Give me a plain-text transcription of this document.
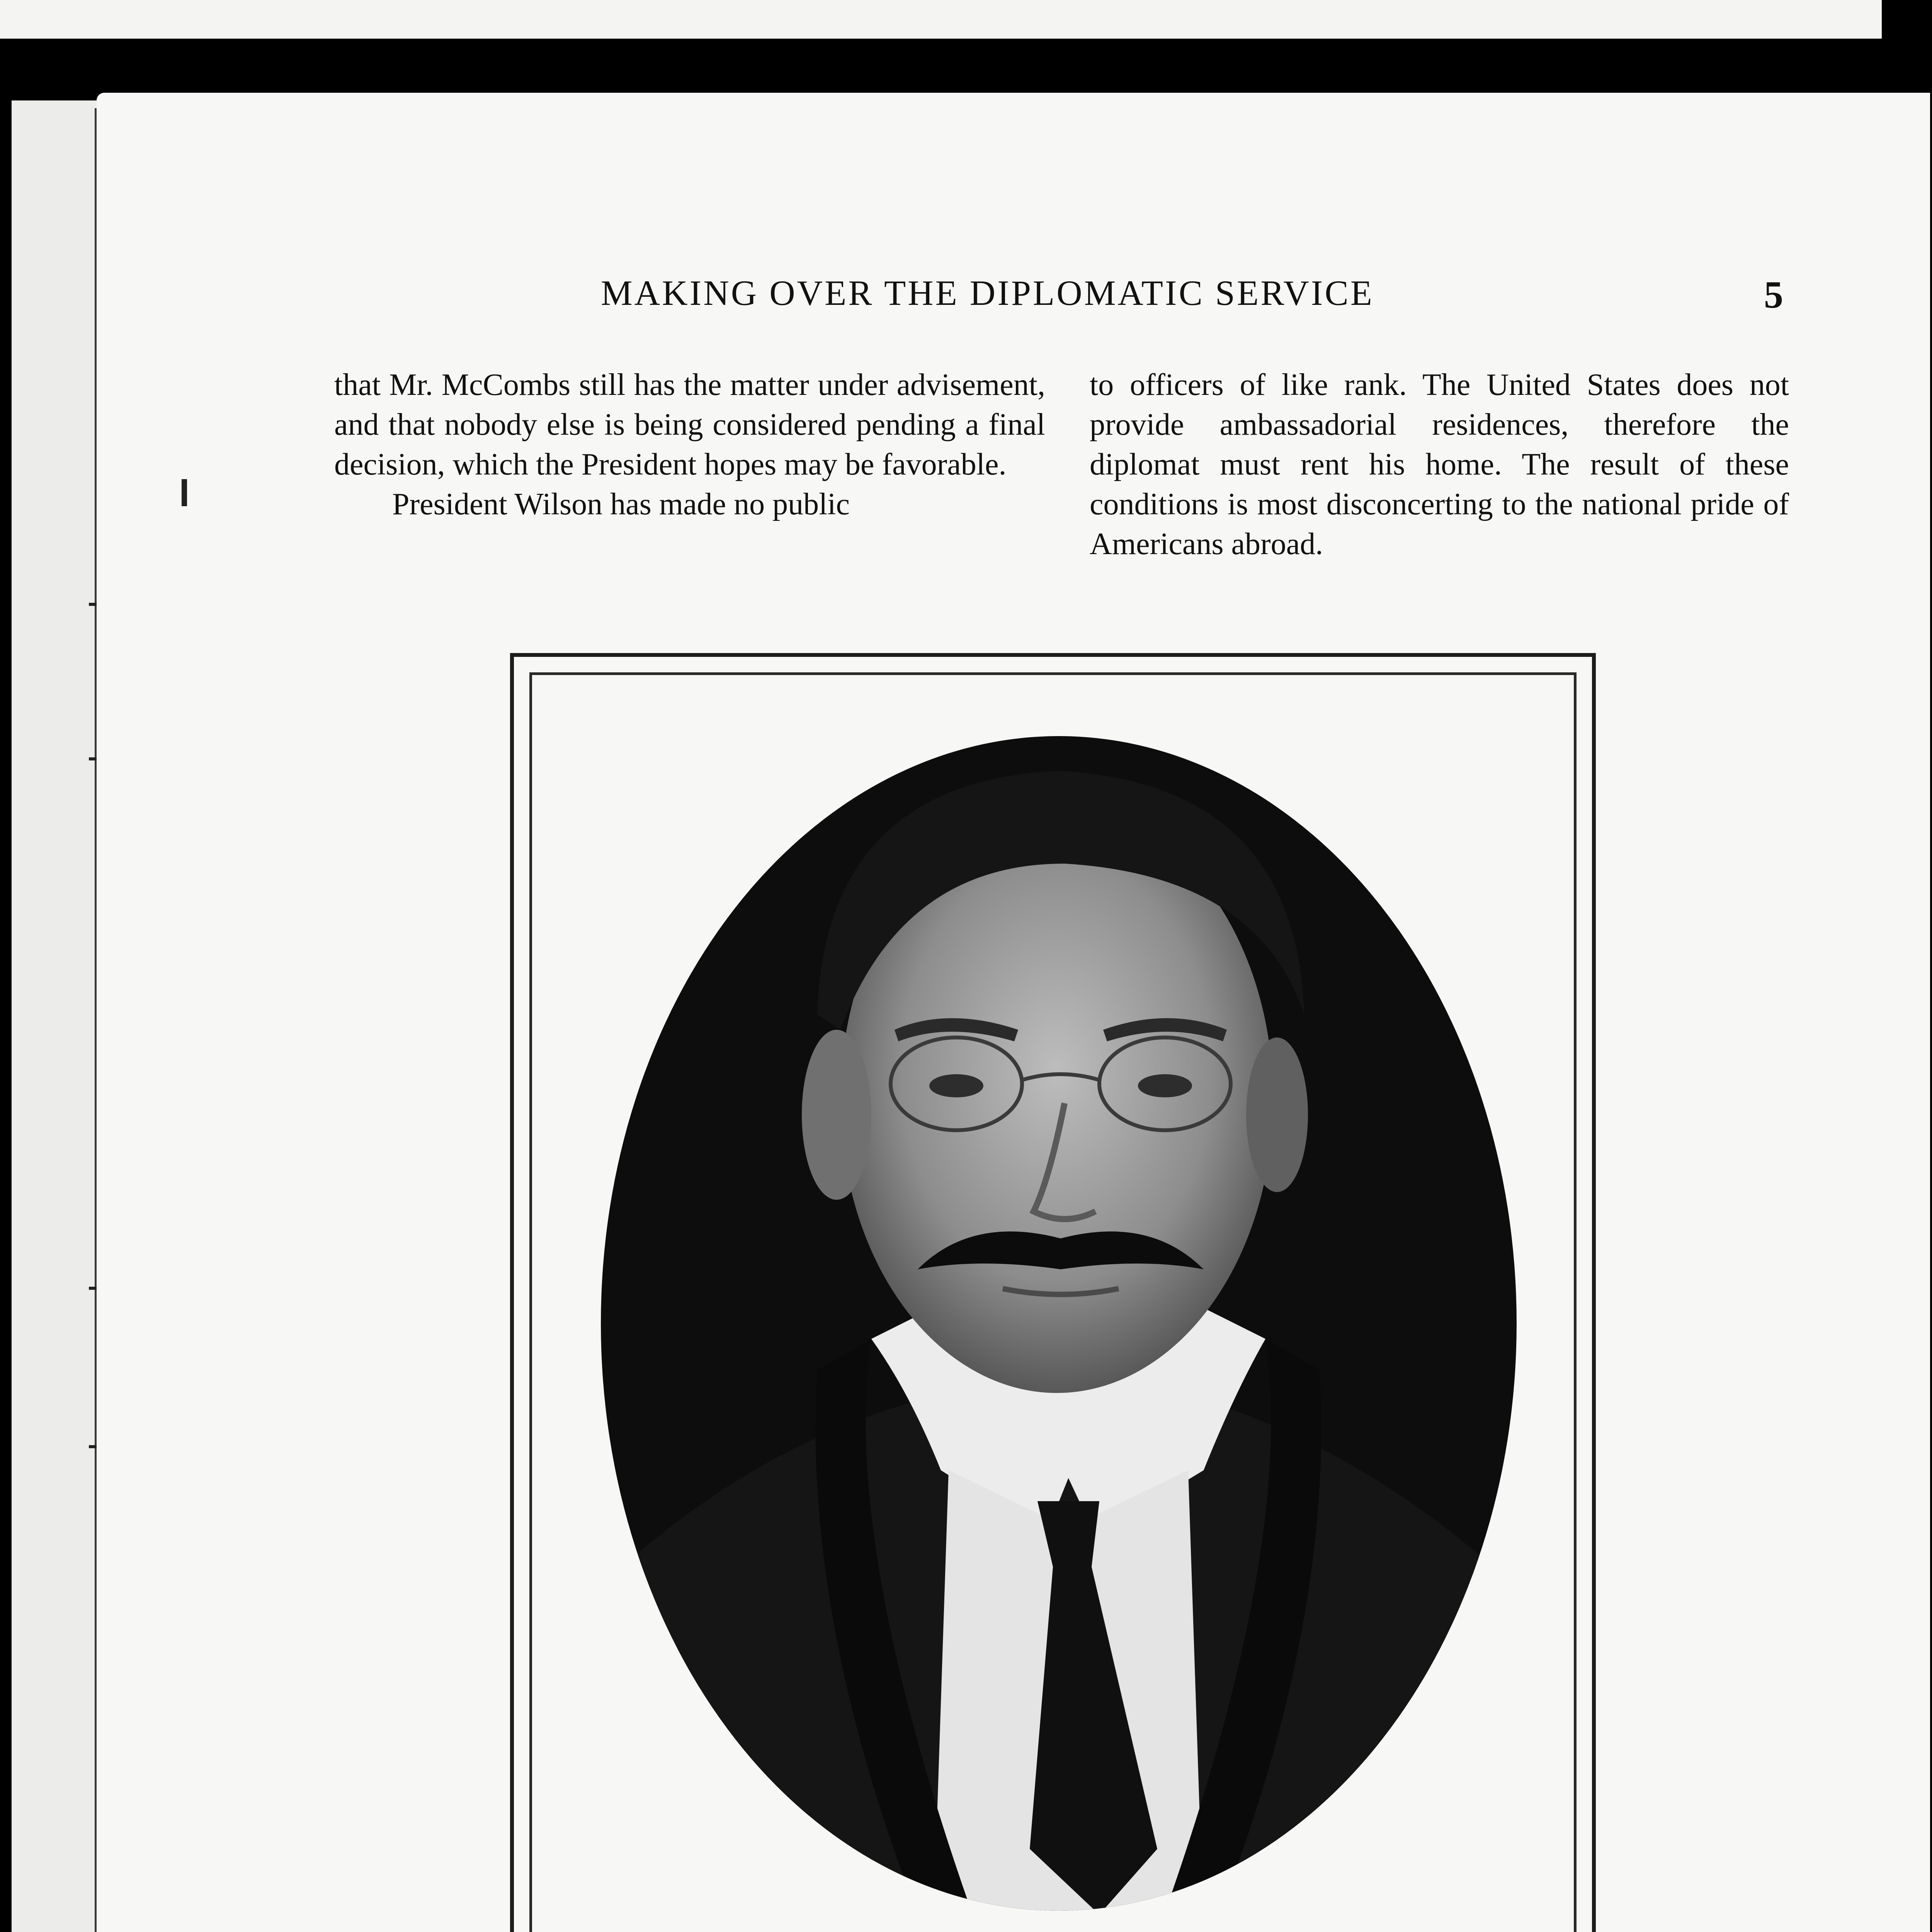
MAKING OVER THE DIPLOMATIC SERVICE	5

that Mr. McCombs still has the matter under advisement, and that nobody else is being considered pending a final decision, which the President hopes may be favorable.

President Wilson has made no public

to officers of like rank. The United States does not provide ambassadorial residences, therefore the diplomat must rent his home. The result of these conditions is most disconcerting to the national pride of Americans abroad.
